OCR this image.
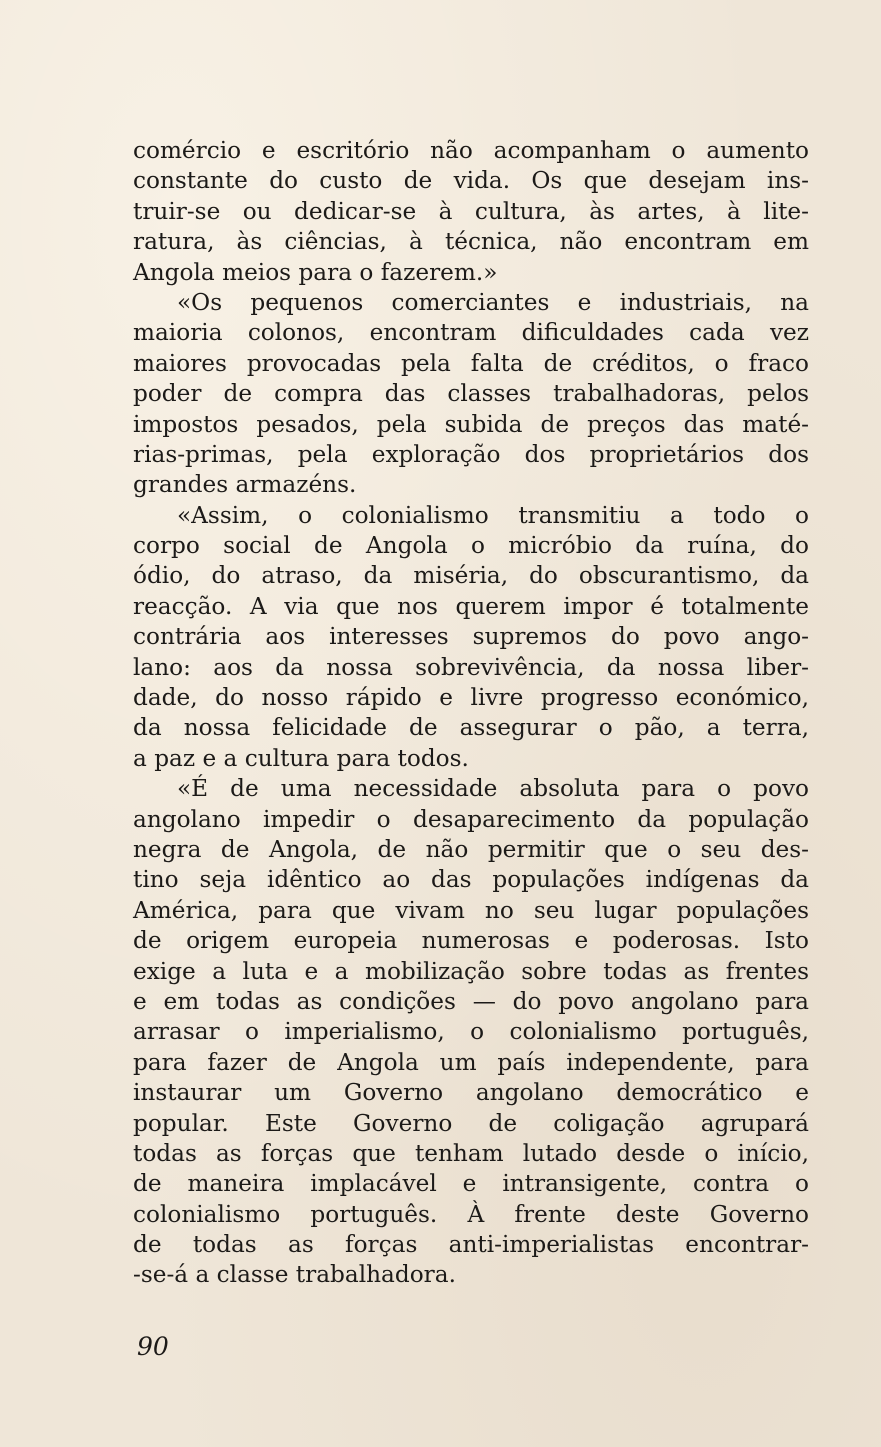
comércio e escritório não acompanham o aumento
constante do custo de vida. Os que desejam ins-
truir-se ou dedicar-se à cultura, às artes, à lite-
ratura, às ciências, à técnica, não encontram em
Angola meios para o fazerem.»
«Os pequenos comerciantes e industriais, na
maioria colonos, encontram dificuldades cada vez
maiores provocadas pela falta de créditos, o fraco
poder de compra das classes trabalhadoras, pelos
impostos pesados, pela subida de preços das maté-
rias-primas, pela exploração dos proprietários dos
grandes armazéns.
«Assim, o colonialismo transmitiu a todo o
corpo social de Angola o micróbio da ruína, do
ódio, do atraso, da miséria, do obscurantismo, da
reacção. A via que nos querem impor é totalmente
contrária aos interesses supremos do povo ango-
lano: aos da nossa sobrevivência, da nossa liber-
dade, do nosso rápido e livre progresso económico,
da nossa felicidade de assegurar o pão, a terra,
a paz e a cultura para todos.
«É de uma necessidade absoluta para o povo
angolano impedir o desaparecimento da população
negra de Angola, de não permitir que o seu des-
tino seja idêntico ao das populações indígenas da
América, para que vivam no seu lugar populações
de origem europeia numerosas e poderosas. Isto
exige a luta e a mobilização sobre todas as frentes
e em todas as condições — do povo angolano para
arrasar o imperialismo, o colonialismo português,
para fazer de Angola um país independente, para
instaurar um Governo angolano democrático e
popular. Este Governo de coligação agrupará
todas as forças que tenham lutado desde o início,
de maneira implacável e intransigente, contra o
colonialismo português. À frente deste Governo
de todas as forças anti-imperialistas encontrar-
-se-á a classe trabalhadora.
90
